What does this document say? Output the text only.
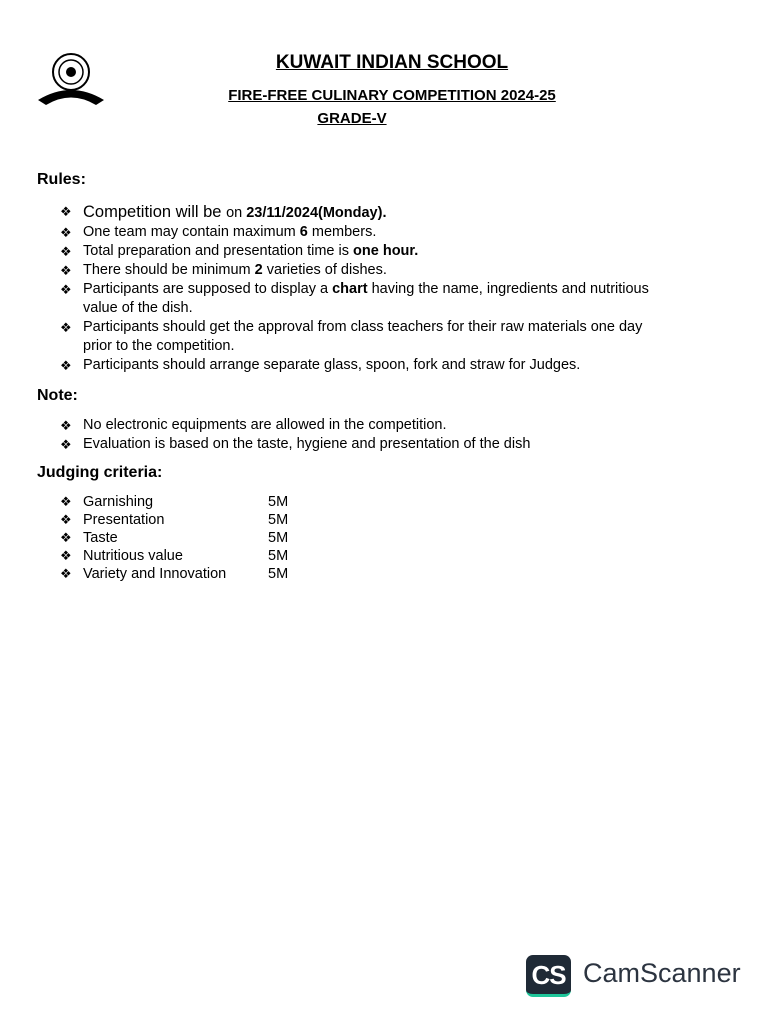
KUWAIT INDIAN SCHOOL
FIRE-FREE CULINARY COMPETITION 2024-25
GRADE-V
Rules:
❖ Competition will be on 23/11/2024(Monday).
❖ One team may contain maximum 6 members.
❖ Total preparation and presentation time is one hour.
❖ There should be minimum 2 varieties of dishes.
❖ Participants are supposed to display a chart having the name, ingredients and nutritious value of the dish.
❖ Participants should get the approval from class teachers for their raw materials one day prior to the competition.
❖ Participants should arrange separate glass, spoon, fork and straw for Judges.
Note:
❖ No electronic equipments are allowed in the competition.
❖ Evaluation is based on the taste, hygiene and presentation of the dish
Judging criteria:
❖ Garnishing	5M
❖ Presentation	5M
❖ Taste	5M
❖ Nutritious value	5M
❖ Variety and Innovation	5M
CS CamScanner
